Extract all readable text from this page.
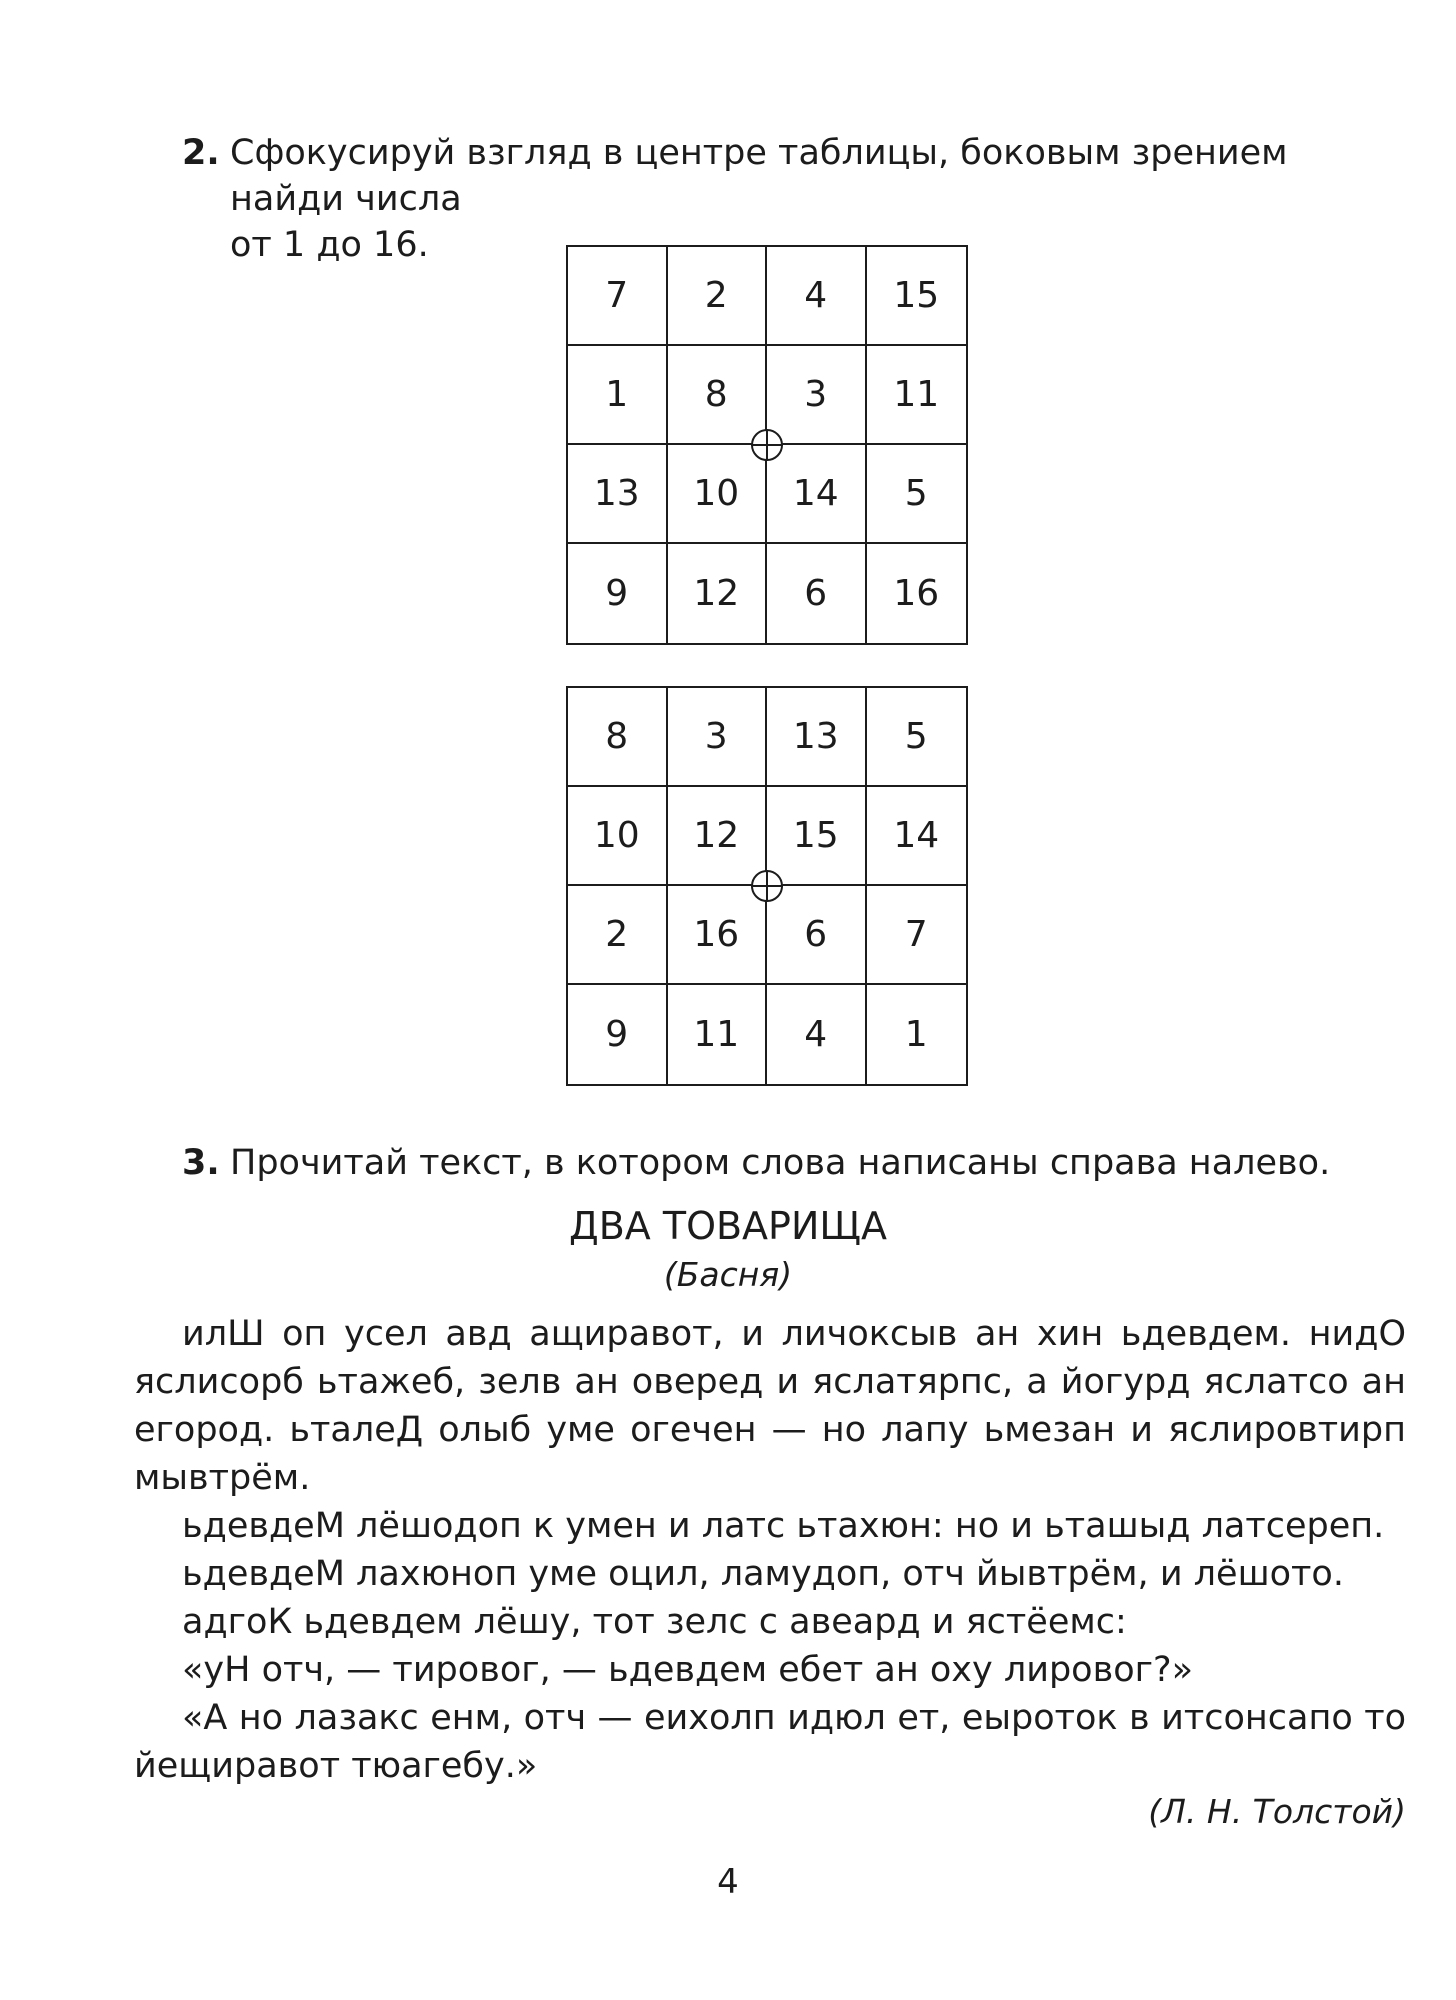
2. Сфокусируй взгляд в центре таблицы, боковым зрением найди числа
от 1 до 16.
7	2	4	15
1	8	3	11
13	10	14	5
9	12	6	16
8	3	13	5
10	12	15	14
2	16	6	7
9	11	4	1
3. Прочитай текст, в котором слова написаны справа налево.
ДВА ТОВАРИЩА
(Басня)
илШ оп усел авд ащиравот, и личоксыв ан хин ьдевдем. нидО
яслисорб ьтажеб, зелв ан оверед и яслатярпс, а йогурд яслатсо ан
егород. ьталеД олыб уме огечен — но лапу ьмезан и яслировтирп
мывтрём.
ьдевдеМ лёшодоп к умен и латс ьтахюн: но и ьташыд латсереп.
ьдевдеМ лахюноп уме оцил, ламудоп, отч йывтрём, и лёшото.
адгоК ьдевдем лёшу, тот зелс с авеард и ястёемс:
«уН отч, — тировог, — ьдевдем ебет ан оху лировог?»
«А но лазакс енм, отч — еихолп идюл ет, еыроток в итсонсапо то
йещиравот тюагебу.»
(Л. Н. Толстой)
4
